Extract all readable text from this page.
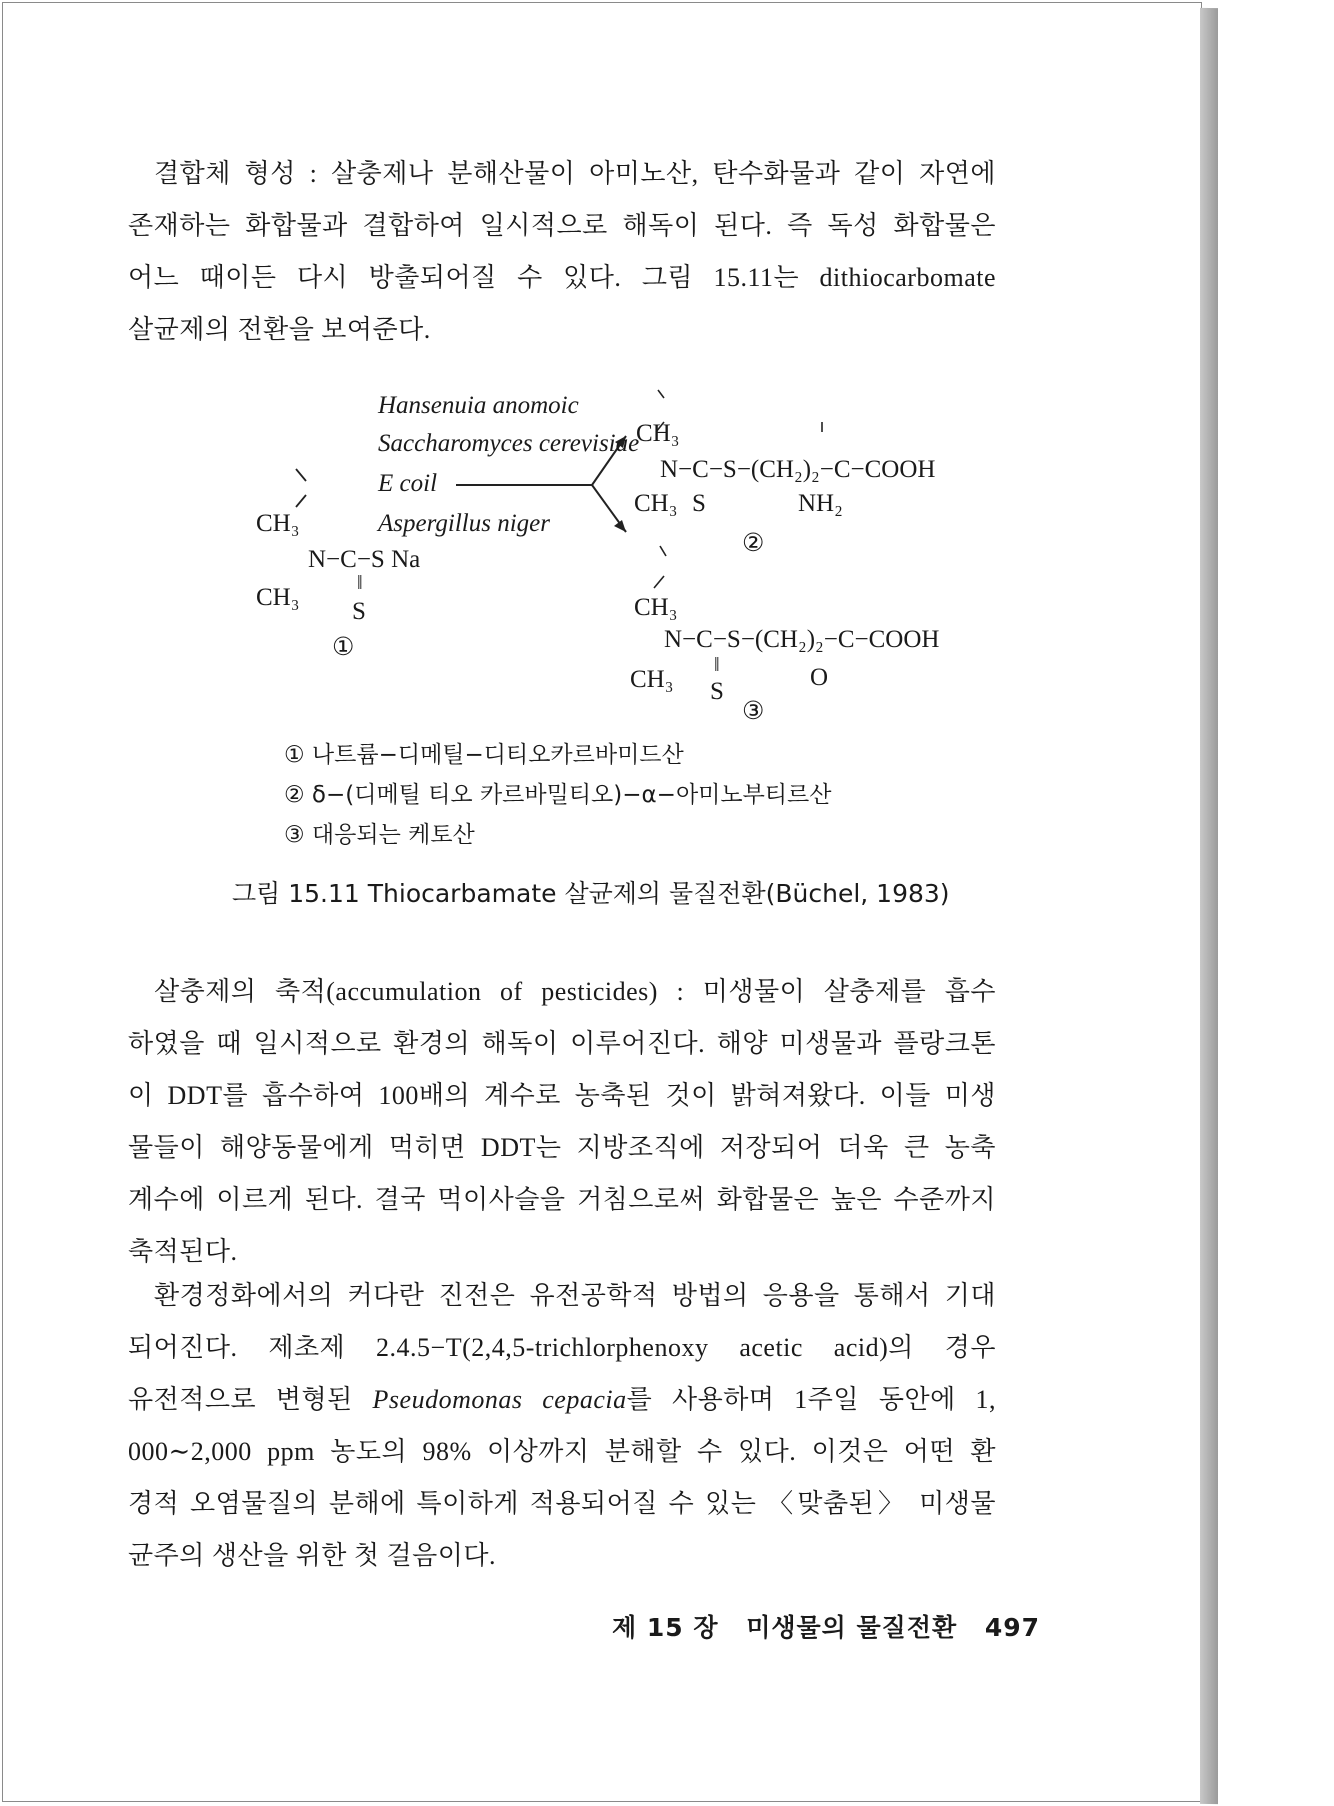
결합체 형성 : 살충제나 분해산물이 아미노산, 탄수화물과 같이 자연에
존재하는 화합물과 결합하여 일시적으로 해독이 된다. 즉 독성 화합물은
어느 때이든 다시 방출되어질 수 있다. 그림 15.11는 dithiocarbomate
살균제의 전환을 보여준다.
Hansenuia anomoic
Saccharomyces cerevisiae
E coil
Aspergillus niger
CH₃
N−C−S Na
CH₃
‖
S
①
CH₃
N−C−S−(CH₂)₂−C−COOH
CH₃ S	NH₂
②
CH₃
N−C−S−(CH₂)₂−C−COOH
CH₃
‖
S
O
③
① 나트륨−디메틸−디티오카르바미드산
② δ−(디메틸 티오 카르바밀티오)−α−아미노부티르산
③ 대응되는 케토산
그림 15.11 Thiocarbamate 살균제의 물질전환(Büchel, 1983)
살충제의 축적(accumulation of pesticides) : 미생물이 살충제를 흡수
하였을 때 일시적으로 환경의 해독이 이루어진다. 해양 미생물과 플랑크톤
이 DDT를 흡수하여 100배의 계수로 농축된 것이 밝혀져왔다. 이들 미생
물들이 해양동물에게 먹히면 DDT는 지방조직에 저장되어 더욱 큰 농축
계수에 이르게 된다. 결국 먹이사슬을 거침으로써 화합물은 높은 수준까지
축적된다.
환경정화에서의 커다란 진전은 유전공학적 방법의 응용을 통해서 기대
되어진다. 제초제 2.4.5−T(2,4,5-trichlorphenoxy acetic acid)의 경우
유전적으로 변형된 Pseudomonas cepacia를 사용하며 1주일 동안에 1,
000∼2,000 ppm 농도의 98% 이상까지 분해할 수 있다. 이것은 어떤 환
경적 오염물질의 분해에 특이하게 적용되어질 수 있는 〈맞춤된〉 미생물
균주의 생산을 위한 첫 걸음이다.
제 15 장 미생물의 물질전환 497
